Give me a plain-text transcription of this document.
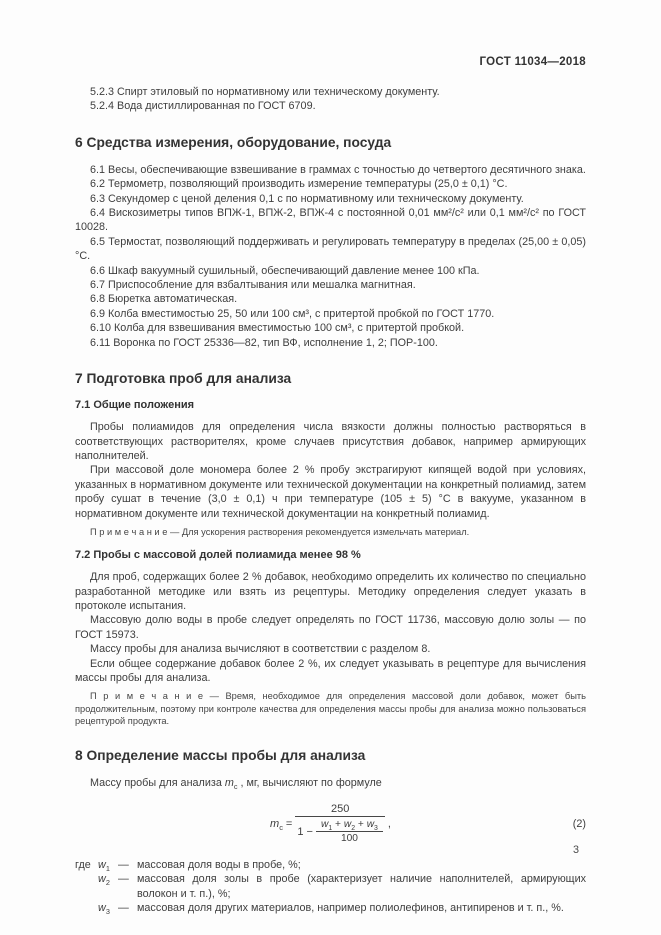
ГОСТ 11034—2018

5.2.3 Спирт этиловый по нормативному или техническому документу.

5.2.4 Вода дистиллированная по ГОСТ 6709.

6 Средства измерения, оборудование, посуда

6.1 Весы, обеспечивающие взвешивание в граммах с точностью до четвертого десятичного знака.

6.2 Термометр, позволяющий производить измерение температуры (25,0 ± 0,1) °С.

6.3 Секундомер с ценой деления 0,1 с по нормативному или техническому документу.

6.4 Вискозиметры типов ВПЖ-1, ВПЖ-2, ВПЖ-4 с постоянной 0,01 мм²/с² или 0,1 мм²/с² по ГОСТ 10028.

6.5 Термостат, позволяющий поддерживать и регулировать температуру в пределах (25,00 ± 0,05) °С.

6.6 Шкаф вакуумный сушильный, обеспечивающий давление менее 100 кПа.

6.7 Приспособление для взбалтывания или мешалка магнитная.

6.8 Бюретка автоматическая.

6.9 Колба вместимостью 25, 50 или 100 см³, с притертой пробкой по ГОСТ 1770.

6.10 Колба для взвешивания вместимостью 100 см³, с притертой пробкой.

6.11 Воронка по ГОСТ 25336—82, тип ВФ, исполнение 1, 2; ПОР-100.

7 Подготовка проб для анализа
7.1 Общие положения

Пробы полиамидов для определения числа вязкости должны полностью растворяться в соответствующих растворителях, кроме случаев присутствия добавок, например армирующих наполнителей.

При массовой доле мономера более 2 % пробу экстрагируют кипящей водой при условиях, указанных в нормативном документе или технической документации на конкретный полиамид, затем пробу сушат в течение (3,0 ± 0,1) ч при температуре (105 ± 5) °С в вакууме, указанном в нормативном документе или технической документации на конкретный полиамид.

П р и м е ч а н и е — Для ускорения растворения рекомендуется измельчать материал.

7.2 Пробы с массовой долей полиамида менее 98 %

Для проб, содержащих более 2 % добавок, необходимо определить их количество по специально разработанной методике или взять из рецептуры. Методику определения следует указать в протоколе испытания.

Массовую долю воды в пробе следует определять по ГОСТ 11736, массовую долю золы — по ГОСТ 15973.

Массу пробы для анализа вычисляют в соответствии с разделом 8.

Если общее содержание добавок более 2 %, их следует указывать в рецептуре для вычисления массы пробы для анализа.

П р и м е ч а н и е — Время, необходимое для определения массовой доли добавок, может быть продолжительным, поэтому при контроле качества для определения массы пробы для анализа можно пользоваться рецептурой продукта.

8 Определение массы пробы для анализа

Массу пробы для анализа $m_с$ , мг, вычисляют по формуле

$m_с$ =
250
$1 - \frac{w_1 + w_2 + w_3}{100}$ ,	(2)
где $w_1$ — массовая доля воды в пробе, %;
$w_2$ — массовая доля золы в пробе (характеризует наличие наполнителей, армирующих волокон и т. п.), %;
$w_3$ — массовая доля других материалов, например полиолефинов, антипиренов и т. п., %.
3
